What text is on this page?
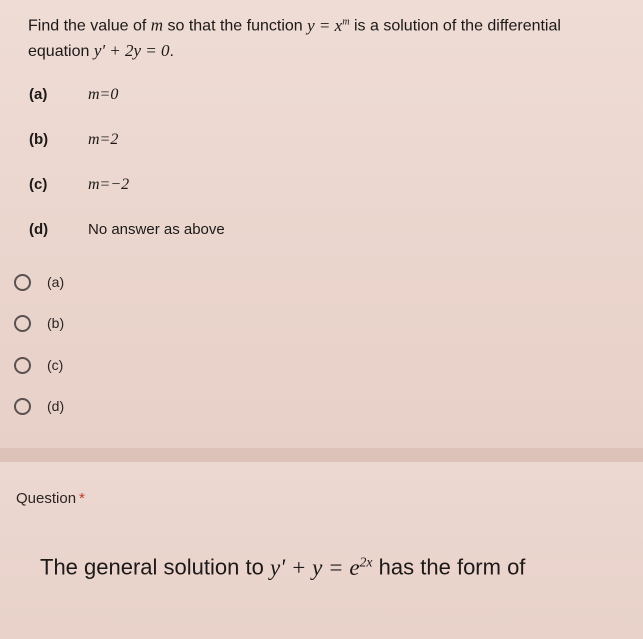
Find the value of m so that the function $y = x^m$ is a solution of the differential
equation y' + 2y = 0.
(a)	m=0
(b) m=2
(c)	m=−2
(d)	No answer as above
(a)
(b)
(c)
(d)
Question *
The general solution to $y' + y = e^{2x}$ has the form of
